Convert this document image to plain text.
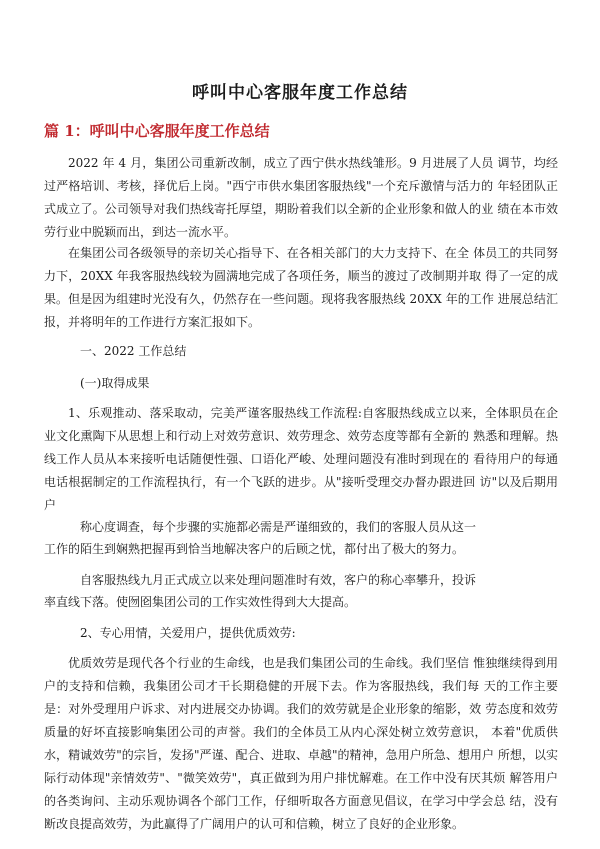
呼叫中心客服年度工作总结
篇 1：呼叫中心客服年度工作总结
2022 年 4 月，集团公司重新改制，成立了西宁供水热线雏形。9 月进展了人员 调节，均经过严格培训、考核，择优后上岗。"西宁市供水集团客服热线"一个充斥激情与活力的 年轻团队正式成立了。公司领导对我们热线寄托厚望，期盼着我们以全新的企业形象和做人的业 绩在本市效劳行业中脱颖而出，到达一流水平。
在集团公司各级领导的亲切关心指导下、在各相关部门的大力支持下、在全 体员工的共同努力下，20XX 年我客服热线较为圆满地完成了各项任务，顺当的渡过了改制期并取 得了一定的成果。但是因为组建时光没有久，仍然存在一些问题。现将我客服热线 20XX 年的工作 进展总结汇报，并将明年的工作进行方案汇报如下。
一、2022 工作总结
(一)取得成果
1、乐观推动、落采取动，完美严谨客服热线工作流程:自客服热线成立以来，全体职员在企业文化熏陶下从思想上和行动上对效劳意识、效劳理念、效劳态度等都有全新的 熟悉和理解。热线工作人员从本来接听电话随便性强、口语化严峻、处理问题没有准时到现在的 看待用户的每通电话根据制定的工作流程执行，有一个飞跃的进步。从"接听受理交办督办跟进回 访"以及后期用户
称心度调查，每个步骤的实施都必需是严谨细致的，我们的客服人员从这一
工作的陌生到娴熟把握再到恰当地解决客户的后顾之忧，都付出了极大的努力。
自客服热线九月正式成立以来处理问题准时有效，客户的称心率攀升，投诉
率直线下落。使囫囵集团公司的工作实效性得到大大提高。
2、专心用情，关爱用户，提供优质效劳:
优质效劳是现代各个行业的生命线，也是我们集团公司的生命线。我们坚信 惟独继续得到用户的支持和信赖，我集团公司才干长期稳健的开展下去。作为客服热线，我们每 天的工作主要是：对外受理用户诉求、对内进展交办协调。我们的效劳就是企业形象的缩影，效 劳态度和效劳质量的好坏直接影响集团公司的声誉。我们的全体员工从内心深处树立效劳意识， 本着"优质供水，精诚效劳"的宗旨，发扬"严谨、配合、进取、卓越"的精神，急用户所急、想用户 所想，以实际行动体现"亲情效劳"、"微笑效劳"，真正做到为用户排忧解难。在工作中没有厌其烦 解答用户的各类询问、主动乐观协调各个部门工作，仔细听取各方面意见倡议，在学习中学会总 结，没有断改良提高效劳，为此赢得了广阔用户的认可和信赖，树立了良好的企业形象。
